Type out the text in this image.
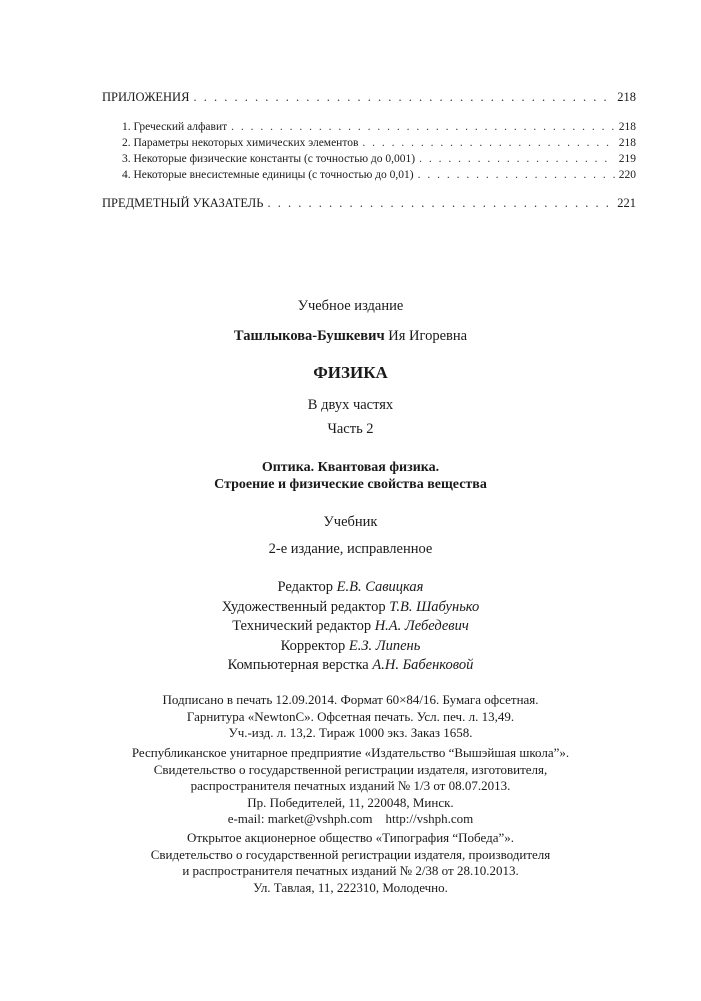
ПРИЛОЖЕНИЯ . . .	218
1. Греческий алфавит . . .	218
2. Параметры некоторых химических элементов . . .	218
3. Некоторые физические константы (с точностью до 0,001) . . .	219
4. Некоторые внесистемные единицы (с точностью до 0,01) . . .	220
ПРЕДМЕТНЫЙ УКАЗАТЕЛЬ . . .	221
Учебное издание
Ташлыкова-Бушкевич Ия Игоревна
ФИЗИКА
В двух частях
Часть 2
Оптика. Квантовая физика.
Строение и физические свойства вещества
Учебник
2-е издание, исправленное
Редактор Е.В. Савицкая
Художественный редактор Т.В. Шабунько
Технический редактор Н.А. Лебедевич
Корректор Е.З. Липень
Компьютерная верстка А.Н. Бабенковой
Подписано в печать 12.09.2014. Формат 60×84/16. Бумага офсетная.
Гарнитура «NewtonC». Офсетная печать. Усл. печ. л. 13,49.
Уч.-изд. л. 13,2. Тираж 1000 экз. Заказ 1658.
Республиканское унитарное предприятие «Издательство “Вышэйшая школа”».
Свидетельство о государственной регистрации издателя, изготовителя,
распространителя печатных изданий № 1/3 от 08.07.2013.
Пр. Победителей, 11, 220048, Минск.
e-mail: market@vshph.com    http://vshph.com
Открытое акционерное общество «Типография “Победа”».
Свидетельство о государственной регистрации издателя, производителя
и распространителя печатных изданий № 2/38 от 28.10.2013.
Ул. Тавлая, 11, 222310, Молодечно.
